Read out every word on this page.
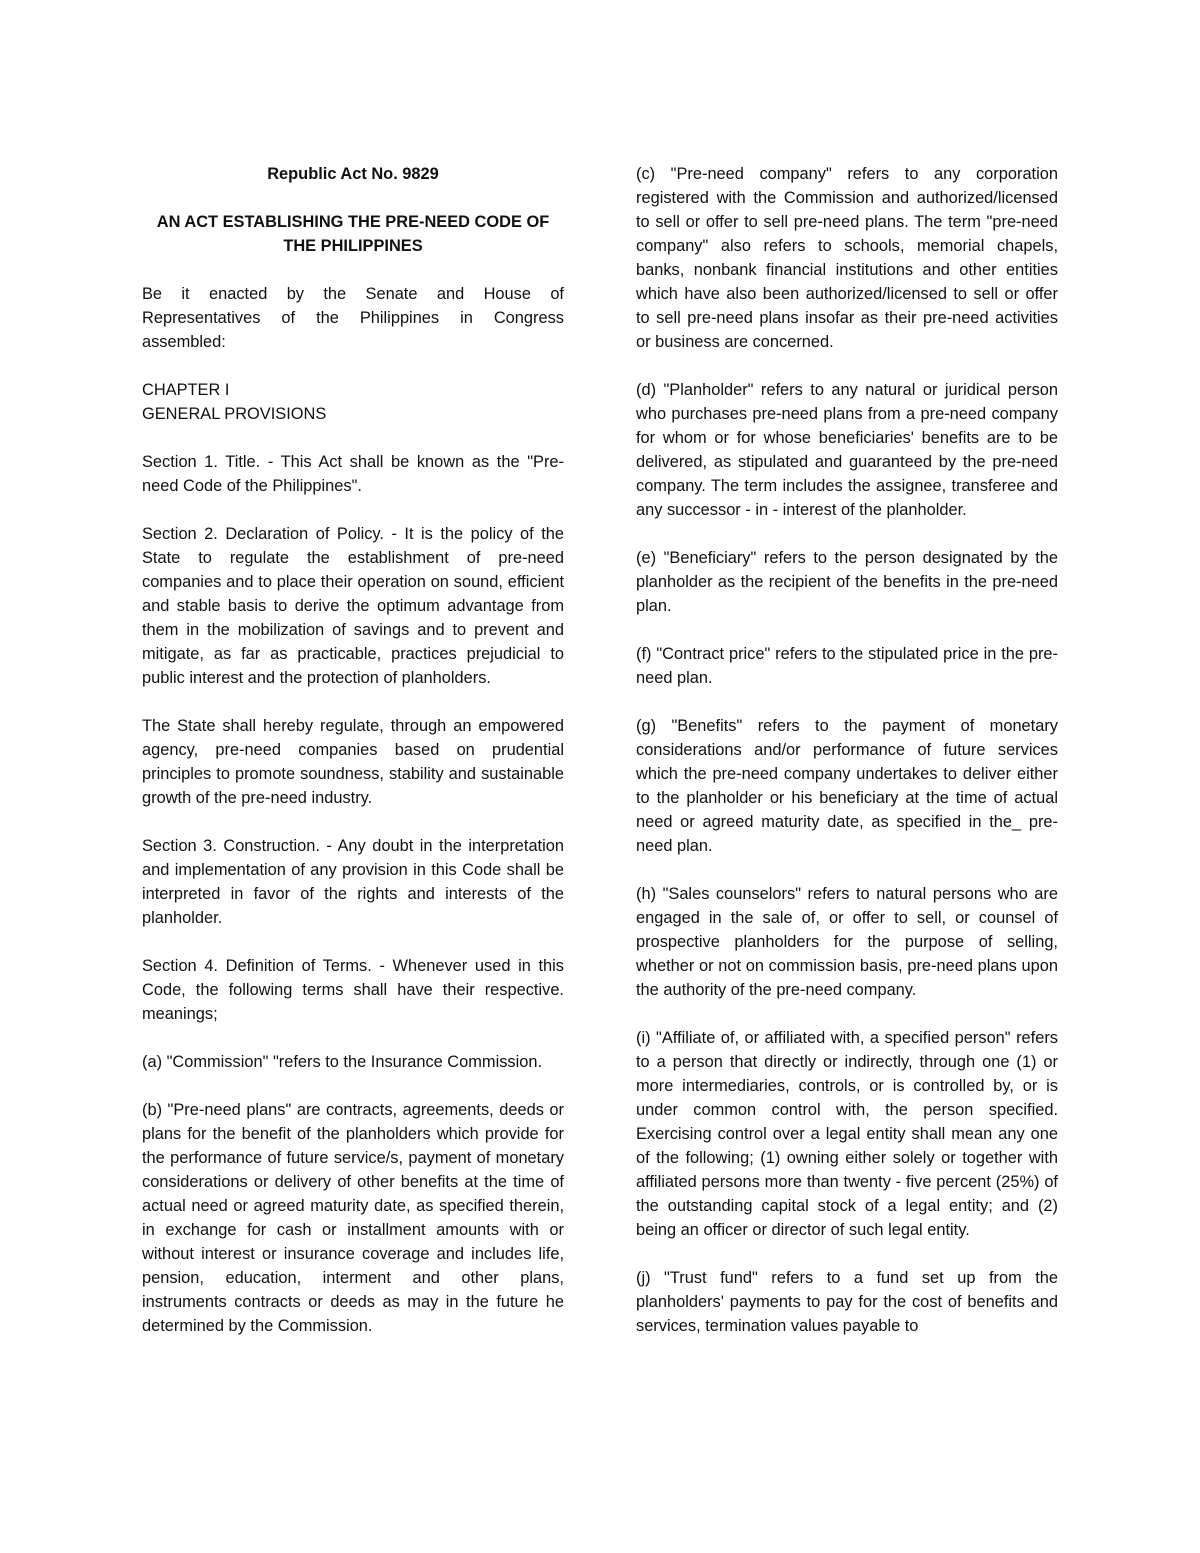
Republic Act No. 9829

AN ACT ESTABLISHING THE PRE-NEED CODE OF THE PHILIPPINES

Be it enacted by the Senate and House of Representatives of the Philippines in Congress assembled:

CHAPTER I
GENERAL PROVISIONS

Section 1. Title. - This Act shall be known as the "Pre-need Code of the Philippines".

Section 2. Declaration of Policy. - It is the policy of the State to regulate the establishment of pre-need companies and to place their operation on sound, efficient and stable basis to derive the optimum advantage from them in the mobilization of savings and to prevent and mitigate, as far as practicable, practices prejudicial to public interest and the protection of planholders.

The State shall hereby regulate, through an empowered agency, pre-need companies based on prudential principles to promote soundness, stability and sustainable growth of the pre-need industry.

Section 3. Construction. - Any doubt in the interpretation and implementation of any provision in this Code shall be interpreted in favor of the rights and interests of the planholder.

Section 4. Definition of Terms. - Whenever used in this Code, the following terms shall have their respective. meanings;

(a) "Commission" "refers to the Insurance Commission.

(b) "Pre-need plans" are contracts, agreements, deeds or plans for the benefit of the planholders which provide for the performance of future service/s, payment of monetary considerations or delivery of other benefits at the time of actual need or agreed maturity date, as specified therein, in exchange for cash or installment amounts with or without interest or insurance coverage and includes life, pension, education, interment and other plans, instruments contracts or deeds as may in the future he determined by the Commission.

(c) "Pre-need company" refers to any corporation registered with the Commission and authorized/licensed to sell or offer to sell pre-need plans. The term "pre-need company" also refers to schools, memorial chapels, banks, nonbank financial institutions and other entities which have also been authorized/licensed to sell or offer to sell pre-need plans insofar as their pre-need activities or business are concerned.

(d) "Planholder" refers to any natural or juridical person who purchases pre-need plans from a pre-need company for whom or for whose beneficiaries' benefits are to be delivered, as stipulated and guaranteed by the pre-need company. The term includes the assignee, transferee and any successor - in - interest of the planholder.

(e) "Beneficiary" refers to the person designated by the planholder as the recipient of the benefits in the pre-need plan.

(f) "Contract price" refers to the stipulated price in the pre-need plan.

(g) "Benefits" refers to the payment of monetary considerations and/or performance of future services which the pre-need company undertakes to deliver either to the planholder or his beneficiary at the time of actual need or agreed maturity date, as specified in the_ pre-need plan.

(h) "Sales counselors" refers to natural persons who are engaged in the sale of, or offer to sell, or counsel of prospective planholders for the purpose of selling, whether or not on commission basis, pre-need plans upon the authority of the pre-need company.

(i) "Affiliate of, or affiliated with, a specified person" refers to a person that directly or indirectly, through one (1) or more intermediaries, controls, or is controlled by, or is under common control with, the person specified. Exercising control over a legal entity shall mean any one of the following; (1) owning either solely or together with affiliated persons more than twenty - five percent (25%) of the outstanding capital stock of a legal entity; and (2) being an officer or director of such legal entity.

(j) "Trust fund" refers to a fund set up from the planholders' payments to pay for the cost of benefits and services, termination values payable to
